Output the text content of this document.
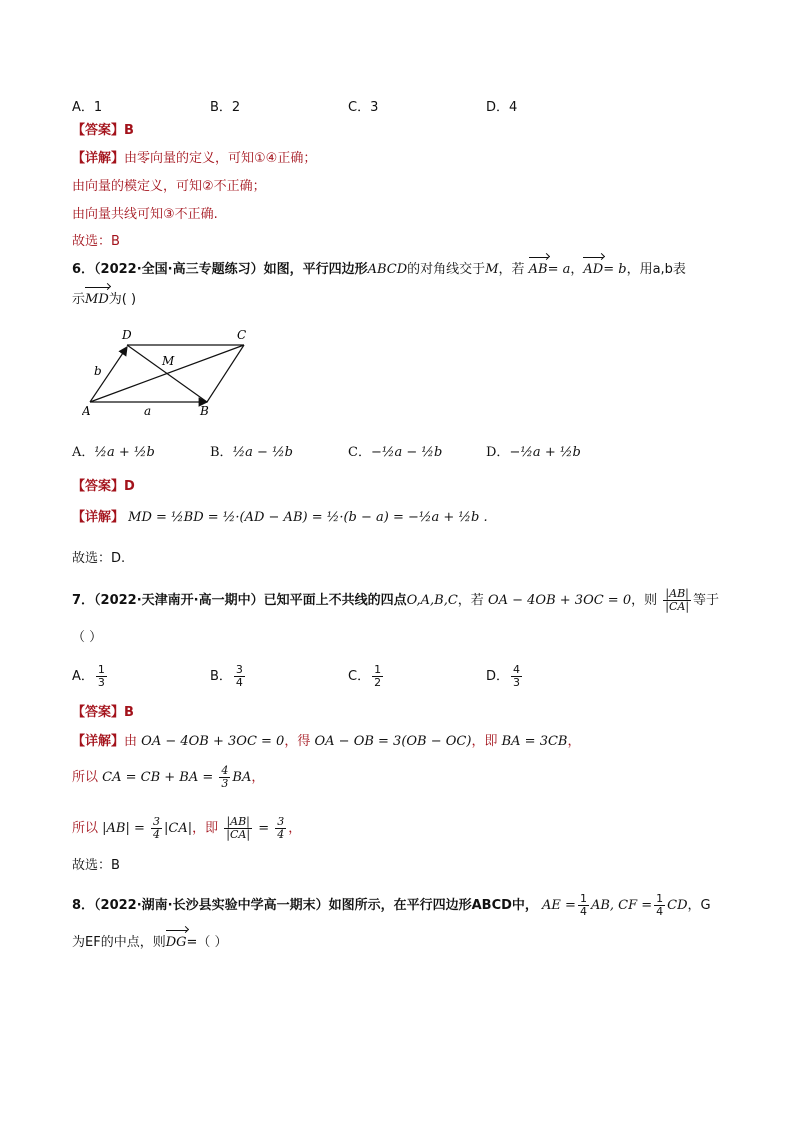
A．1	B．2	C．3	D．4
【答案】B
【详解】由零向量的定义，可知①④正确；
由向量的模定义，可知②不正确；
由向量共线可知③不正确.
故选：B
6．（2022·全国·高三专题练习）如图，平行四边形ABCD的对角线交于M，若 AB= a，AD= b，用a,b表
示MD为( )
D	C
M
b
A	a	B
A．½a + ½b	B．½a − ½b	C．−½a − ½b	D．−½a + ½b
【答案】D
【详解】 MD = ½BD = ½·(AD − AB) = ½·(b − a) = −½a + ½b .
故选：D.
7．（2022·天津南开·高一期中）已知平面上不共线的四点O,A,B,C，若 OA − 4OB + 3OC = 0，则 $\frac{|AB|}{|CA|}$ 等于
（ ）
A． $\frac{1}{3}$	B． $\frac{3}{4}$	C． $\frac{1}{2}$	D． $\frac{4}{3}$
【答案】B
【详解】由 OA − 4OB + 3OC = 0，得 OA − OB = 3(OB − OC)，即 BA = 3CB，
所以 CA = CB + BA = $\frac{4}{3}$ BA，
所以 $|AB| = \frac{3}{4} |CA|$，即 $\frac{|AB|}{|CA|} = \frac{3}{4}$ ，
故选：B
8．（2022·湖南·长沙县实验中学高一期末）如图所示，在平行四边形ABCD中， AE = $\frac{1}{4}$ AB, CF = $\frac{1}{4}$ CD，G
为EF的中点，则DG=（ ）
